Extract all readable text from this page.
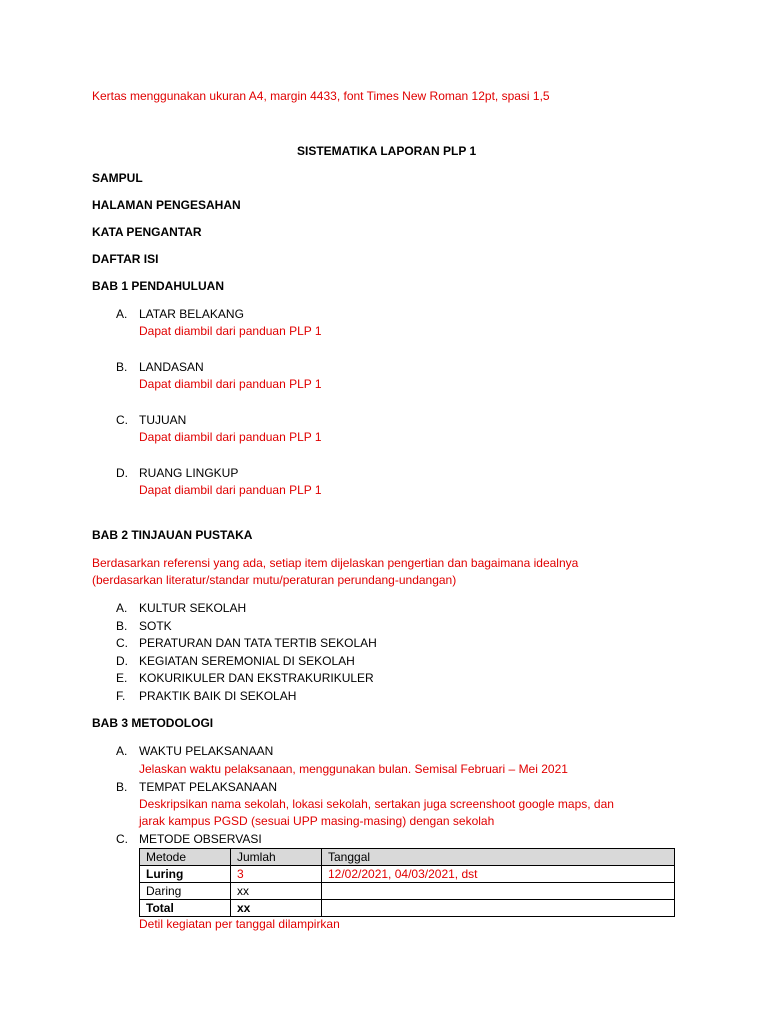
Kertas menggunakan ukuran A4, margin 4433, font Times New Roman 12pt, spasi 1,5
SISTEMATIKA LAPORAN PLP 1
SAMPUL
HALAMAN PENGESAHAN
KATA PENGANTAR
DAFTAR ISI
BAB 1 PENDAHULUAN
A. LATAR BELAKANG
Dapat diambil dari panduan PLP 1
B. LANDASAN
Dapat diambil dari panduan PLP 1
C. TUJUAN
Dapat diambil dari panduan PLP 1
D. RUANG LINGKUP
Dapat diambil dari panduan PLP 1
BAB 2 TINJAUAN PUSTAKA
Berdasarkan referensi yang ada, setiap item dijelaskan pengertian dan bagaimana idealnya
(berdasarkan literatur/standar mutu/peraturan perundang-undangan)
A. KULTUR SEKOLAH
B. SOTK
C. PERATURAN DAN TATA TERTIB SEKOLAH
D. KEGIATAN SEREMONIAL DI SEKOLAH
E. KOKURIKULER DAN EKSTRAKURIKULER
F. PRAKTIK BAIK DI SEKOLAH
BAB 3 METODOLOGI
A. WAKTU PELAKSANAAN
Jelaskan waktu pelaksanaan, menggunakan bulan. Semisal Februari – Mei 2021
B. TEMPAT PELAKSANAAN
Deskripsikan nama sekolah, lokasi sekolah, sertakan juga screenshoot google maps, dan
jarak kampus PGSD (sesuai UPP masing-masing) dengan sekolah
C. METODE OBSERVASI
Metode	Jumlah	Tanggal
Luring	3	12/02/2021, 04/03/2021, dst
Daring	xx	
Total	xx	
Detil kegiatan per tanggal dilampirkan
